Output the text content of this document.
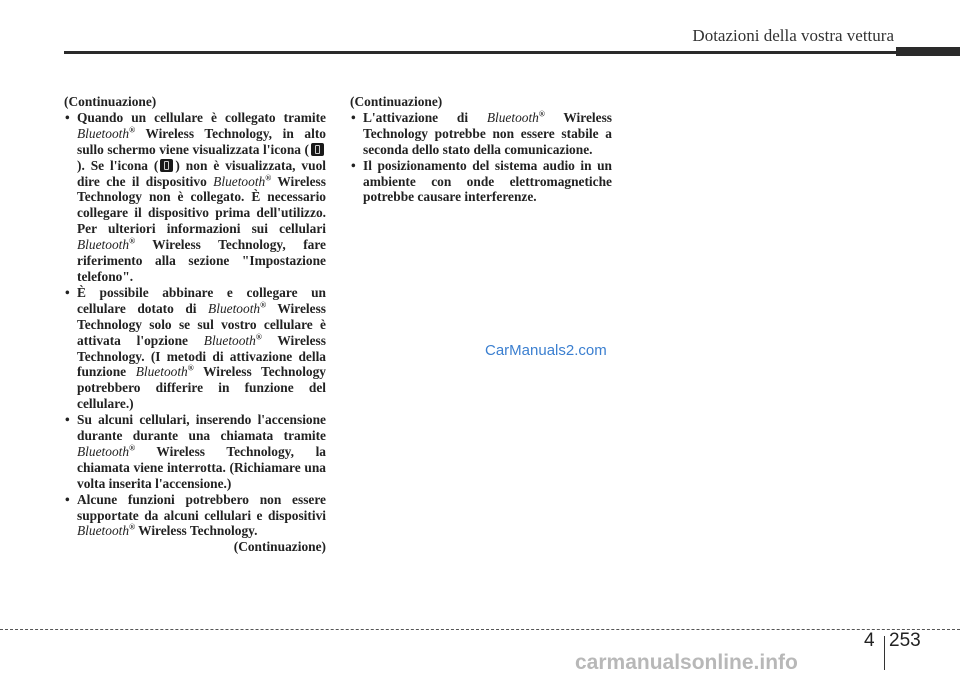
Dotazioni della vostra vettura
(Continuazione)
• Quando un cellulare è collegato tramite Bluetooth® Wireless Technology, in alto sullo schermo viene visualizzata l'icona (). Se l'icona ( ) non è visualizzata, vuol dire che il dispositivo Bluetooth® Wireless Technology non è collegato. È necessario collegare il dispositivo prima dell'utilizzo. Per ulteriori informazioni sui cellulari Bluetooth® Wireless Technology, fare riferimento alla sezione "Impostazione telefono".
• È possibile abbinare e collegare un cellulare dotato di Bluetooth® Wireless Technology solo se sul vostro cellulare è attivata l'opzione Bluetooth® Wireless Technology. (I metodi di attivazione della funzione Bluetooth® Wireless Technology potrebbero differire in funzione del cellulare.)
• Su alcuni cellulari, inserendo l'accensione durante durante una chiamata tramite Bluetooth® Wireless Technology, la chiamata viene interrotta. (Richiamare una volta inserita l'accensione.)
• Alcune funzioni potrebbero non essere supportate da alcuni cellulari e dispositivi Bluetooth® Wireless Technology.
(Continuazione)
(Continuazione)
• L'attivazione di Bluetooth® Wireless Technology potrebbe non essere stabile a seconda dello stato della comunicazione.
• Il posizionamento del sistema audio in un ambiente con onde elettromagnetiche potrebbe causare interferenze.
CarManuals2.com
4 253
carmanualsonline.info
